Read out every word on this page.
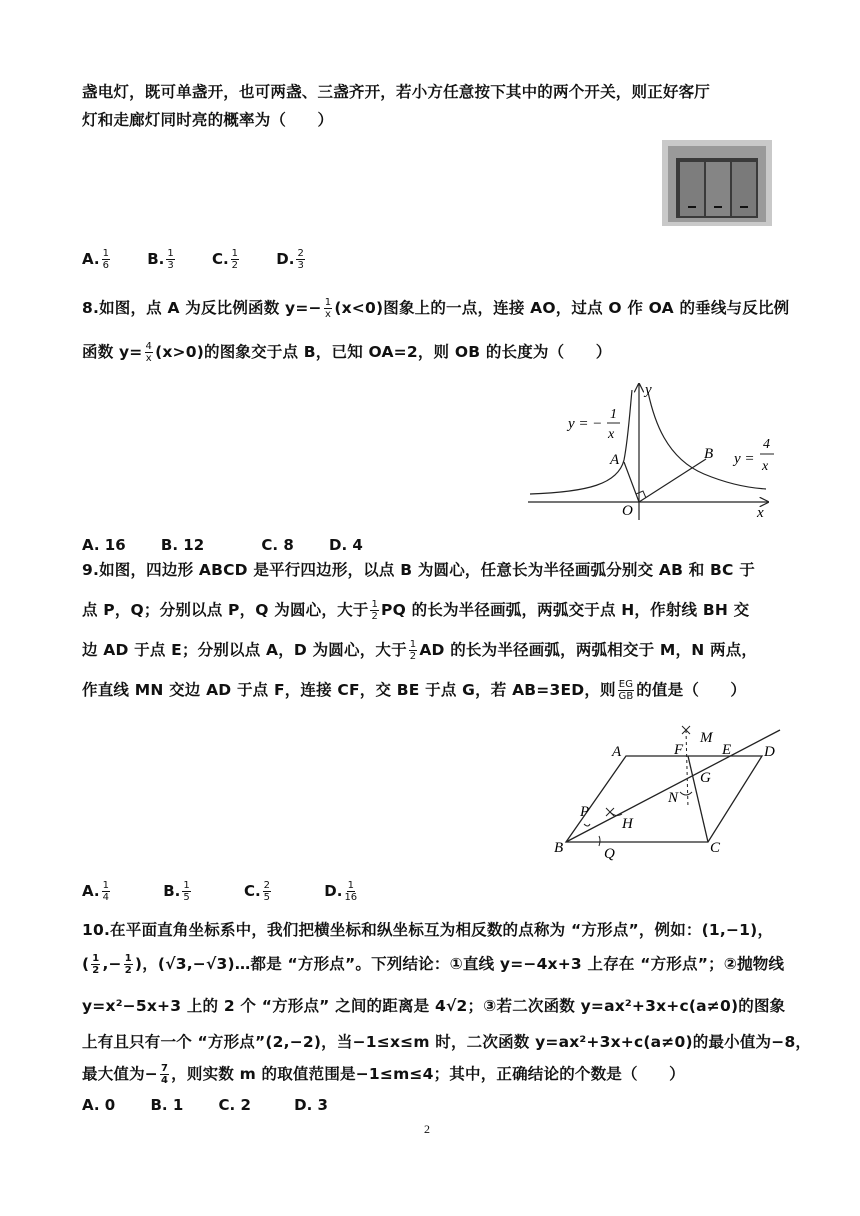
盏电灯，既可单盏开，也可两盏、三盏齐开，若小方任意按下其中的两个开关，则正好客厅
灯和走廊灯同时亮的概率为（　　）
A. $\frac{1}{6} B$. $\frac{1}{3} C$. $\frac{1}{2} D$. $\frac{2}{3}$
8.如图，点 A 为反比例函数 $y=- \frac{1}{x} (x<0)$图象上的一点，连接 AO，过点 O 作 OA 的垂线与反比例
函数 $y= \frac{4}{x} (x>0)$的图象交于点 B，已知 OA=2，则 OB 的长度为（　　）
A	B
O	x
y
y = −
1
x
y =
4
x
A. 16 B. 12	C. 8 D. 4
9.如图，四边形 ABCD 是平行四边形，以点 B 为圆心，任意长为半径画弧分别交 AB 和 BC 于
点 P，Q；分别以点 P，Q 为圆心，大于 $\frac{1}{2}$ PQ 的长为半径画弧，两弧交于点 H，作射线 BH 交
边 AD 于点 E；分别以点 A，D 为圆心，大于 $\frac{1}{2}$ AD 的长为半径画弧，两弧相交于 M，N 两点，
作直线 MN 交边 AD 于点 F，连接 CF，交 BE 于点 G，若 AB=3ED，则 $\frac{EG}{GB}$ 的值是（　　）
A
B	C
D
E
F
G
H
M
N
P
Q
A. $\frac{1}{4}$	B. $\frac{1}{5}$	C. $\frac{2}{5}$	D. $\frac{1}{16}$
10.在平面直角坐标系中，我们把横坐标和纵坐标互为相反数的点称为 “方形点”，例如：(1,−1)，
( $\frac{1}{2}$ ,− $\frac{1}{2}$ )，(√3,−√3)…都是 “方形点”。下列结论：①直线 y=−4x+3 上存在 “方形点”；②抛物线
y=x²−5x+3 上的 2 个 “方形点” 之间的距离是 4√2；③若二次函数 y=ax²+3x+c(a≠0)的图象
上有且只有一个 “方形点”(2,−2)，当−1≤x≤m 时，二次函数 y=ax²+3x+c(a≠0)的最小值为−8，
最大值为− $\frac{7}{4}$ ，则实数 m 的取值范围是−1≤m≤4；其中，正确结论的个数是（　　）
A. 0 B. 1 C. 2	D. 3
2
